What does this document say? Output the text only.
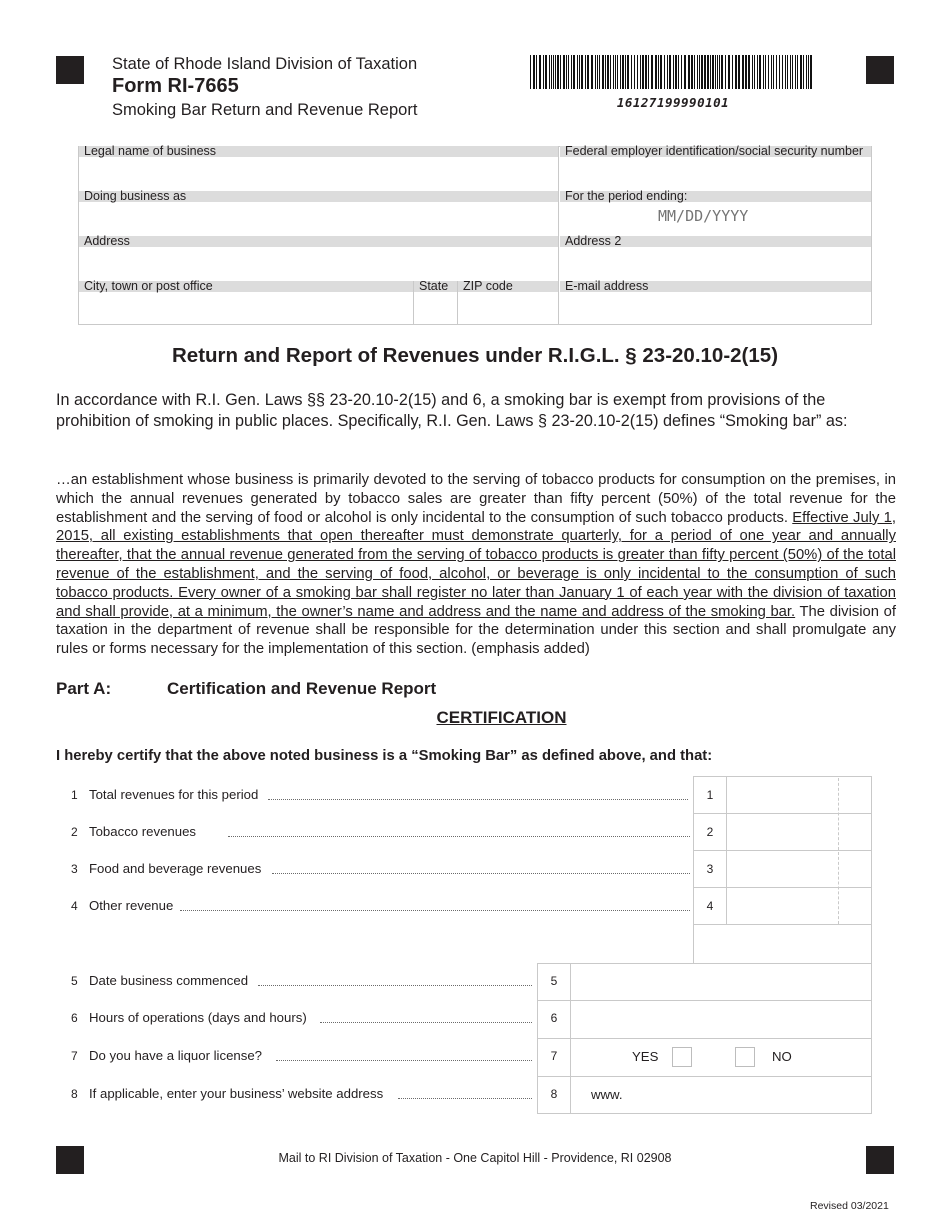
State of Rhode Island Division of Taxation
Form RI-7665
Smoking Bar Return and Revenue Report	16127199990101
Legal name of business	Federal employer identification/social security number
Doing business as	For the period ending:
MM/DD/YYYY
Address	Address 2
City, town or post office	State	ZIP code	E-mail address
Return and Report of Revenues under R.I.G.L. § 23-20.10-2(15)
In accordance with R.I. Gen. Laws §§ 23-20.10-2(15) and 6, a smoking bar is exempt from provisions of the prohibition of smoking in public places. Specifically, R.I. Gen. Laws § 23-20.10-2(15) defines “Smoking bar” as:
…an establishment whose business is primarily devoted to the serving of tobacco products for consumption on the premises, in which the annual revenues generated by tobacco sales are greater than fifty percent (50%) of the total revenue for the establishment and the serving of food or alcohol is only incidental to the consumption of such tobacco products. Effective July 1, 2015, all existing establishments that open thereafter must demonstrate quarterly, for a period of one year and annually thereafter, that the annual revenue generated from the serving of tobacco products is greater than fifty percent (50%) of the total revenue of the establishment, and the serving of food, alcohol, or beverage is only incidental to the consumption of such tobacco products. Every owner of a smoking bar shall register no later than January 1 of each year with the division of taxation and shall provide, at a minimum, the owner’s name and address and the name and address of the smoking bar. The division of taxation in the department of revenue shall be responsible for the determination under this section and shall promulgate any rules or forms necessary for the implementation of this section. (emphasis added)
Part A:	Certification and Revenue Report
CERTIFICATION
I hereby certify that the above noted business is a “Smoking Bar” as defined above, and that:
1 Total revenues for this period	1
2 Tobacco revenues	2
3 Food and beverage revenues	3
4 Other revenue	4
5 Date business commenced	5
6 Hours of operations (days and hours)	6
7 Do you have a liquor license?	7	YES	NO
8 If applicable, enter your business’ website address	8	www.
Mail to RI Division of Taxation - One Capitol Hill - Providence, RI 02908
Revised 03/2021
